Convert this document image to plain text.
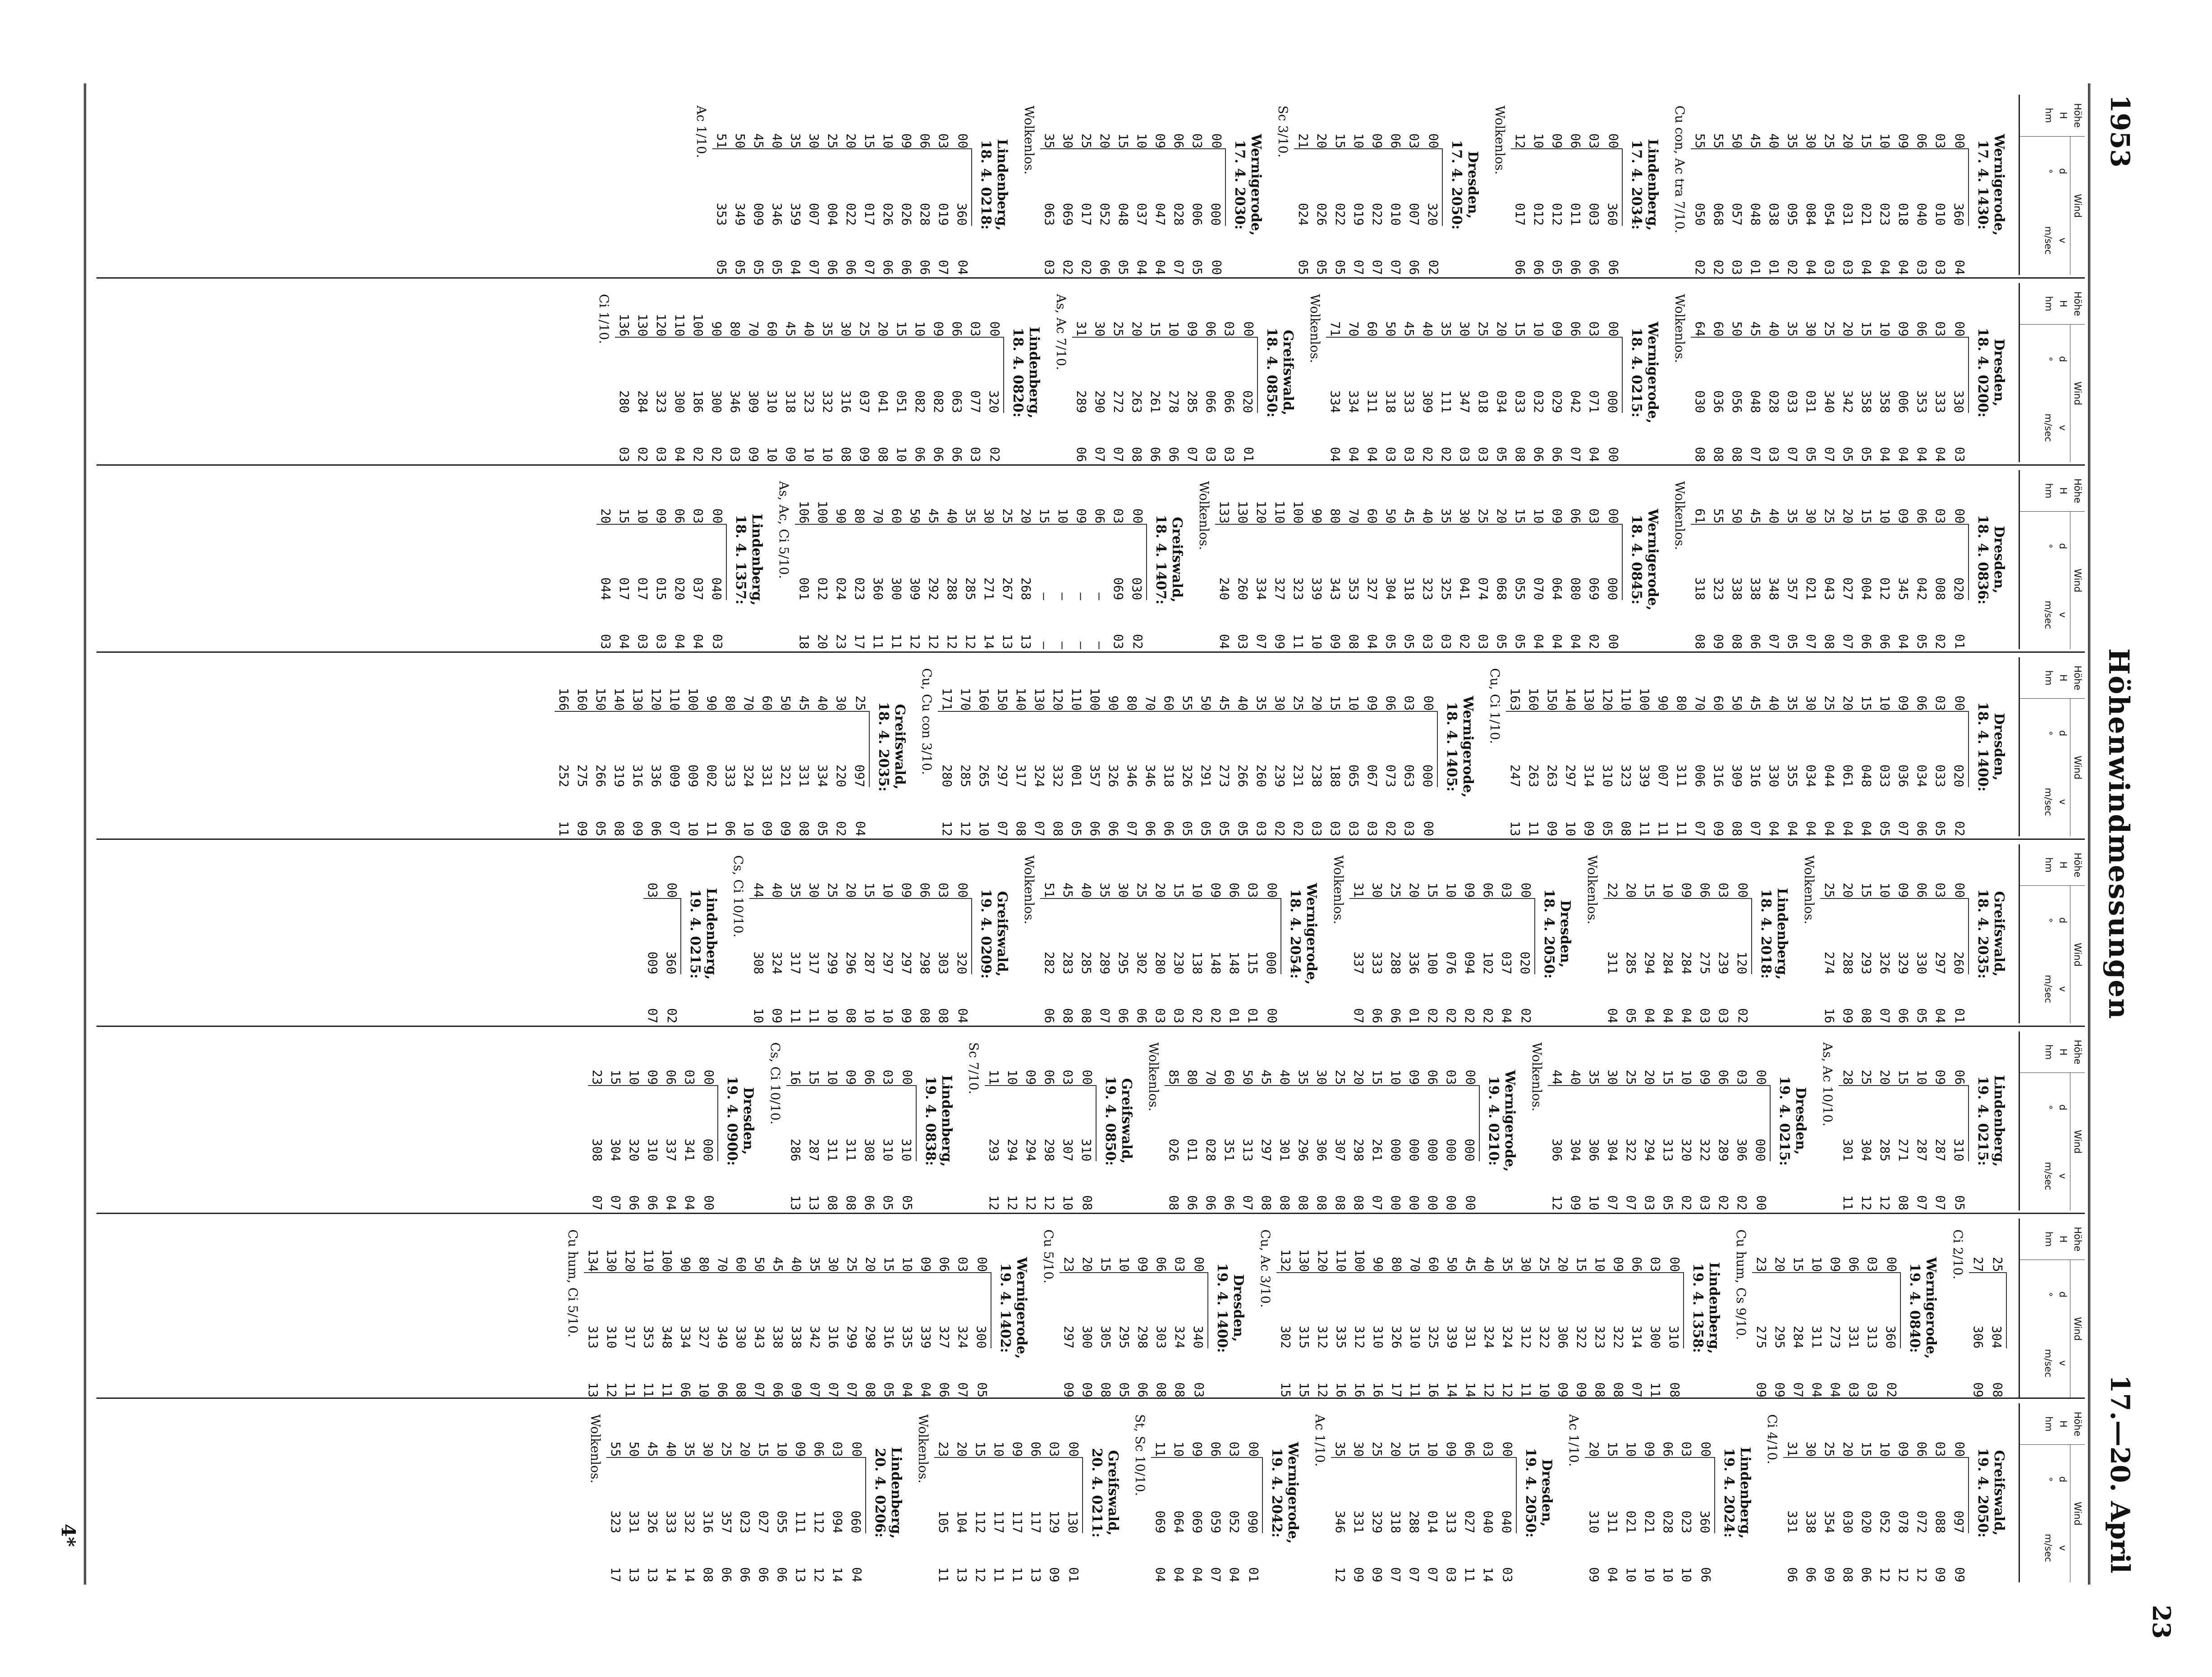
1953
Höhenwindmessungen
17.—20. April
23
Höhe
H
hm
Wind
d
v
°
m/sec
Wernigerode,
17. 4. 1430:
00
360
04
03
010
03
06
040
03
09
018
04
10
023
04
15
021
04
20
031
03
25
054
03
30
084
04
35
095
02
40
038
01
45
048
01
50
057
03
55
068
02
55
050
02
Cu con, Ac tra 7/10.
Lindenberg,
17. 4. 2034:
00
360
06
03
003
06
06
011
06
09
012
05
10
012
06
12
017
06
Wolkenlos.
Dresden,
17. 4. 2050:
00
320
02
03
007
06
06
010
07
09
022
07
10
019
07
15
022
05
20
026
05
21
024
05
Sc 3/10.
Wernigerode,
17. 4. 2030:
00
000
00
03
006
05
06
028
07
09
047
04
10
037
04
15
048
05
20
052
06
25
017
02
30
069
02
35
063
03
Wolkenlos.
Lindenberg,
18. 4. 0218:
00
360
04
03
019
07
06
028
06
09
026
06
10
026
06
15
017
07
20
022
06
25
004
06
30
007
07
35
359
04
40
346
05
45
009
05
50
349
05
51
353
05
Ac 1/10.
Höhe
H
hm
Wind
d
v
°
m/sec
Dresden,
18. 4. 0200:
00
330
03
03
333
04
06
353
04
09
006
04
10
358
04
15
358
05
20
342
05
25
340
07
30
031
05
35
033
07
40
028
03
45
048
07
50
056
08
60
036
08
64
030
08
Wolkenlos.
Wernigerode,
18. 4. 0215:
00
000
00
03
071
04
06
042
07
09
029
06
10
032
06
15
033
08
20
034
05
25
018
03
30
347
03
35
111
02
40
309
02
45
333
03
50
318
03
60
311
04
70
334
04
71
334
04
Wolkenlos.
Greifswald,
18. 4. 0850:
00
020
01
03
066
03
06
066
03
09
285
07
10
278
06
15
261
06
20
263
08
25
272
07
30
290
07
31
289
06
As, Ac 7/10.
Lindenberg,
18. 4. 0820:
00
320
02
03
077
03
06
063
06
09
082
06
10
082
06
15
051
10
20
041
08
25
037
09
30
316
08
35
332
10
40
323
10
45
318
09
60
310
10
70
309
09
80
346
03
90
300
02
100
186
02
110
300
04
120
323
03
130
284
02
136
280
03
Ci 1/10.
Höhe
H
hm
Wind
d
v
°
m/sec
Dresden,
18. 4. 0836:
00
020
01
03
008
02
06
042
05
09
345
04
10
012
06
15
004
06
20
027
07
25
043
08
30
021
07
35
357
05
40
348
07
45
338
06
50
338
08
55
323
09
61
318
08
Wolkenlos.
Wernigerode,
18. 4. 0845:
00
000
00
03
069
02
06
080
04
09
064
04
10
070
04
15
055
05
20
068
05
25
074
03
30
041
02
35
325
03
40
323
03
45
318
05
50
304
05
60
327
04
70
353
08
80
343
09
90
339
10
100
323
11
110
327
09
120
334
07
130
260
03
133
240
04
Wolkenlos.
Greifswald,
18. 4. 1407:
00
030
02
03
069
03
06
—
—
09
—
—
10
—
—
15
—
—
20
268
13
25
267
13
30
271
14
35
285
12
40
288
12
45
292
12
50
309
12
60
300
11
70
360
11
80
023
17
90
024
23
100
012
20
106
001
18
As, Ac, Ci 5/10.
Lindenberg,
18. 4. 1357:
00
040
03
03
037
04
06
020
04
09
015
03
10
017
03
15
017
04
20
044
03
Höhe
H
hm
Wind
d
v
°
m/sec
Dresden,
18. 4. 1400:
00
020
02
03
033
05
06
034
06
09
036
07
10
033
05
15
048
04
20
061
04
25
044
04
30
034
04
35
355
04
40
330
04
45
316
07
50
309
08
60
316
09
70
006
07
80
311
11
90
007
11
100
339
11
110
323
08
120
310
05
130
314
09
140
297
10
150
263
09
160
263
11
163
247
13
Cu, Ci 1/10.
Wernigerode,
18. 4. 1405:
00
000
00
03
063
03
06
073
02
09
067
03
10
065
03
15
188
03
20
238
03
25
231
02
30
239
02
35
260
03
40
266
05
45
273
05
50
291
05
55
326
05
60
318
06
70
346
06
80
346
07
90
326
06
100
357
06
110
001
05
120
332
08
130
324
07
140
317
08
150
297
07
160
265
10
170
285
12
171
280
12
Cu, Cu con 3/10.
Greifswald,
18. 4. 2035:
25
097
04
30
220
02
40
334
05
45
331
08
50
321
09
60
331
09
70
324
10
80
333
06
90
002
11
100
009
10
110
009
07
120
336
06
130
316
09
140
319
08
150
266
05
160
275
09
166
252
11
Höhe
H
hm
Wind
d
v
°
m/sec
Greifswald,
18. 4. 2035:
00
260
01
03
297
04
06
330
05
09
329
06
10
326
07
15
293
08
20
288
09
25
274
16
Wolkenlos.
Lindenberg,
18. 4. 2018:
00
120
02
03
239
03
06
275
03
09
284
04
10
284
04
15
294
04
20
285
05
22
311
04
Wolkenlos.
Dresden,
18. 4. 2050:
00
020
02
03
037
04
06
102
02
09
094
02
10
076
02
15
100
02
20
336
01
25
288
06
30
333
06
31
337
07
Wolkenlos.
Wernigerode,
18. 4. 2054:
00
000
00
03
115
01
06
148
01
09
148
02
10
138
02
15
230
03
20
280
03
25
302
06
30
295
06
35
289
07
40
285
08
45
283
08
51
282
06
Wolkenlos.
Greifswald,
19. 4. 0209:
00
320
04
03
303
08
06
298
08
09
297
09
10
297
10
15
287
10
20
296
08
25
299
10
30
317
11
35
317
11
40
324
09
44
308
10
Cs, Ci 10/10.
Lindenberg,
19. 4. 0215:
00
360
02
03
009
07
Höhe
H
hm
Wind
d
v
°
m/sec
Lindenberg,
19. 4. 0215:
06
310
05
09
287
07
10
287
07
15
271
08
20
285
12
25
304
12
28
301
11
As, Ac 10/10.
Dresden,
19. 4. 0215:
00
000
00
03
306
02
06
289
02
09
322
03
10
320
02
15
313
05
20
294
03
25
322
07
30
304
07
35
306
10
40
304
09
44
306
12
Wolkenlos.
Wernigerode,
19. 4. 0210:
00
000
00
03
000
00
06
000
00
09
000
00
10
000
00
15
261
07
20
298
08
25
307
08
30
306
08
35
296
08
40
301
08
45
297
08
50
313
07
60
351
06
70
028
06
80
011
06
85
026
08
Wolkenlos.
Greifswald,
19. 4. 0850:
00
310
08
03
307
10
06
298
12
09
294
12
10
294
12
11
293
12
Sc 7/10.
Lindenberg,
19. 4. 0838:
00
310
05
03
310
05
06
308
06
09
311
08
10
311
08
15
287
13
16
286
13
Cs, Ci 10/10.
Dresden,
19. 4. 0900:
00
000
00
03
341
04
06
337
04
09
310
06
10
320
06
15
304
07
23
308
07
Höhe
H
hm
Wind
d
v
°
m/sec
25
304
08
27
306
09
Ci 2/10.
Wernigerode,
19. 4. 0840:
00
360
02
03
313
03
06
331
03
09
273
04
10
311
04
15
284
07
20
295
09
23
275
09
Cu hum, Cs 9/10.
Lindenberg,
19. 4. 1358:
00
310
08
03
300
11
06
314
07
09
322
08
10
323
08
15
322
09
20
306
09
25
322
10
30
312
11
35
324
12
40
324
12
45
331
14
50
339
14
60
325
16
70
310
11
80
326
17
90
310
16
100
312
16
110
335
16
120
312
12
130
315
15
132
302
15
Cu, Ac 3/10.
Dresden,
19. 4. 1400:
00
340
03
03
324
08
06
303
08
09
298
06
10
295
05
15
305
08
20
300
09
23
297
09
Cu 5/10.
Wernigerode,
19. 4. 1402:
00
300
05
03
324
07
06
327
06
09
339
04
10
335
04
15
316
05
20
298
08
25
299
07
30
316
07
35
342
07
40
338
09
45
338
06
50
343
07
60
330
08
70
349
06
80
327
10
90
334
06
100
348
11
110
353
11
120
317
11
130
310
12
134
313
13
Cu hum, Ci 5/10.
Höhe
H
hm
Wind
d
v
°
m/sec
Greifswald,
19. 4. 2050:
00
097
09
03
088
09
06
072
12
09
078
12
10
052
12
15
020
06
20
030
08
25
354
09
30
338
06
31
331
06
Ci 4/10.
Lindenberg,
19. 4. 2024:
00
360
06
03
023
10
06
028
10
09
021
10
10
021
10
15
311
04
20
310
09
Ac 1/10.
Dresden,
19. 4. 2050:
00
040
03
03
040
14
06
027
11
09
313
03
10
014
07
15
288
07
20
318
07
25
329
09
30
331
09
35
346
12
Ac 1/10.
Wernigerode,
19. 4. 2042:
00
090
01
03
052
04
06
059
07
09
069
04
10
064
04
11
069
04
St, Sc 10/10.
Greifswald,
20. 4. 0211:
00
130
01
03
129
09
06
117
13
09
117
11
10
117
11
15
112
12
20
104
13
23
105
11
Wolkenlos.
Lindenberg,
20. 4. 0206:
00
060
04
03
094
14
06
112
12
09
111
13
10
055
06
15
027
06
20
023
06
25
357
06
30
316
08
35
332
14
40
333
14
45
326
13
50
331
13
55
323
17
Wolkenlos.
4*
